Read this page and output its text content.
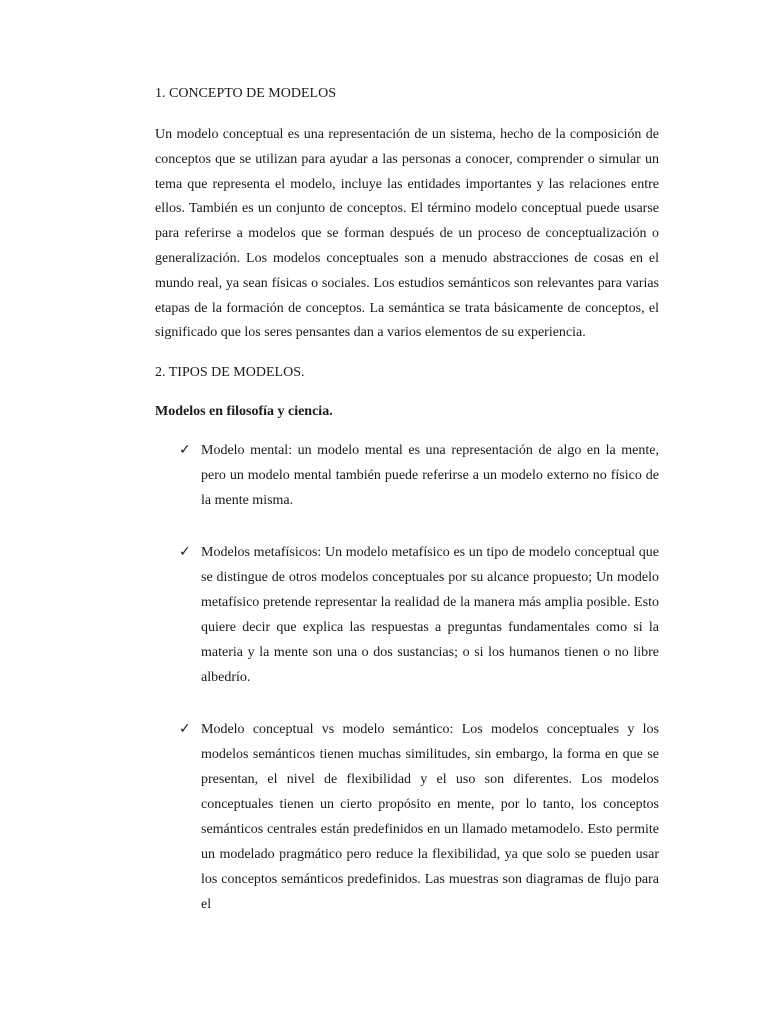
1. CONCEPTO DE MODELOS

Un modelo conceptual es una representación de un sistema, hecho de la composición de conceptos que se utilizan para ayudar a las personas a conocer, comprender o simular un tema que representa el modelo, incluye las entidades importantes y las relaciones entre ellos. También es un conjunto de conceptos. El término modelo conceptual puede usarse para referirse a modelos que se forman después de un proceso de conceptualización o generalización. Los modelos conceptuales son a menudo abstracciones de cosas en el mundo real, ya sean físicas o sociales. Los estudios semánticos son relevantes para varias etapas de la formación de conceptos. La semántica se trata básicamente de conceptos, el significado que los seres pensantes dan a varios elementos de su experiencia.

2. TIPOS DE MODELOS.
Modelos en filosofía y ciencia.
✓ Modelo mental: un modelo mental es una representación de algo en la mente, pero un modelo mental también puede referirse a un modelo externo no físico de la mente misma.
✓ Modelos metafísicos: Un modelo metafísico es un tipo de modelo conceptual que se distingue de otros modelos conceptuales por su alcance propuesto; Un modelo metafísico pretende representar la realidad de la manera más amplia posible. Esto quiere decir que explica las respuestas a preguntas fundamentales como si la materia y la mente son una o dos sustancias; o si los humanos tienen o no libre albedrío.
✓ Modelo conceptual vs modelo semántico: Los modelos conceptuales y los modelos semánticos tienen muchas similitudes, sin embargo, la forma en que se presentan, el nivel de flexibilidad y el uso son diferentes. Los modelos conceptuales tienen un cierto propósito en mente, por lo tanto, los conceptos semánticos centrales están predefinidos en un llamado metamodelo. Esto permite un modelado pragmático pero reduce la flexibilidad, ya que solo se pueden usar los conceptos semánticos predefinidos. Las muestras son diagramas de flujo para el
